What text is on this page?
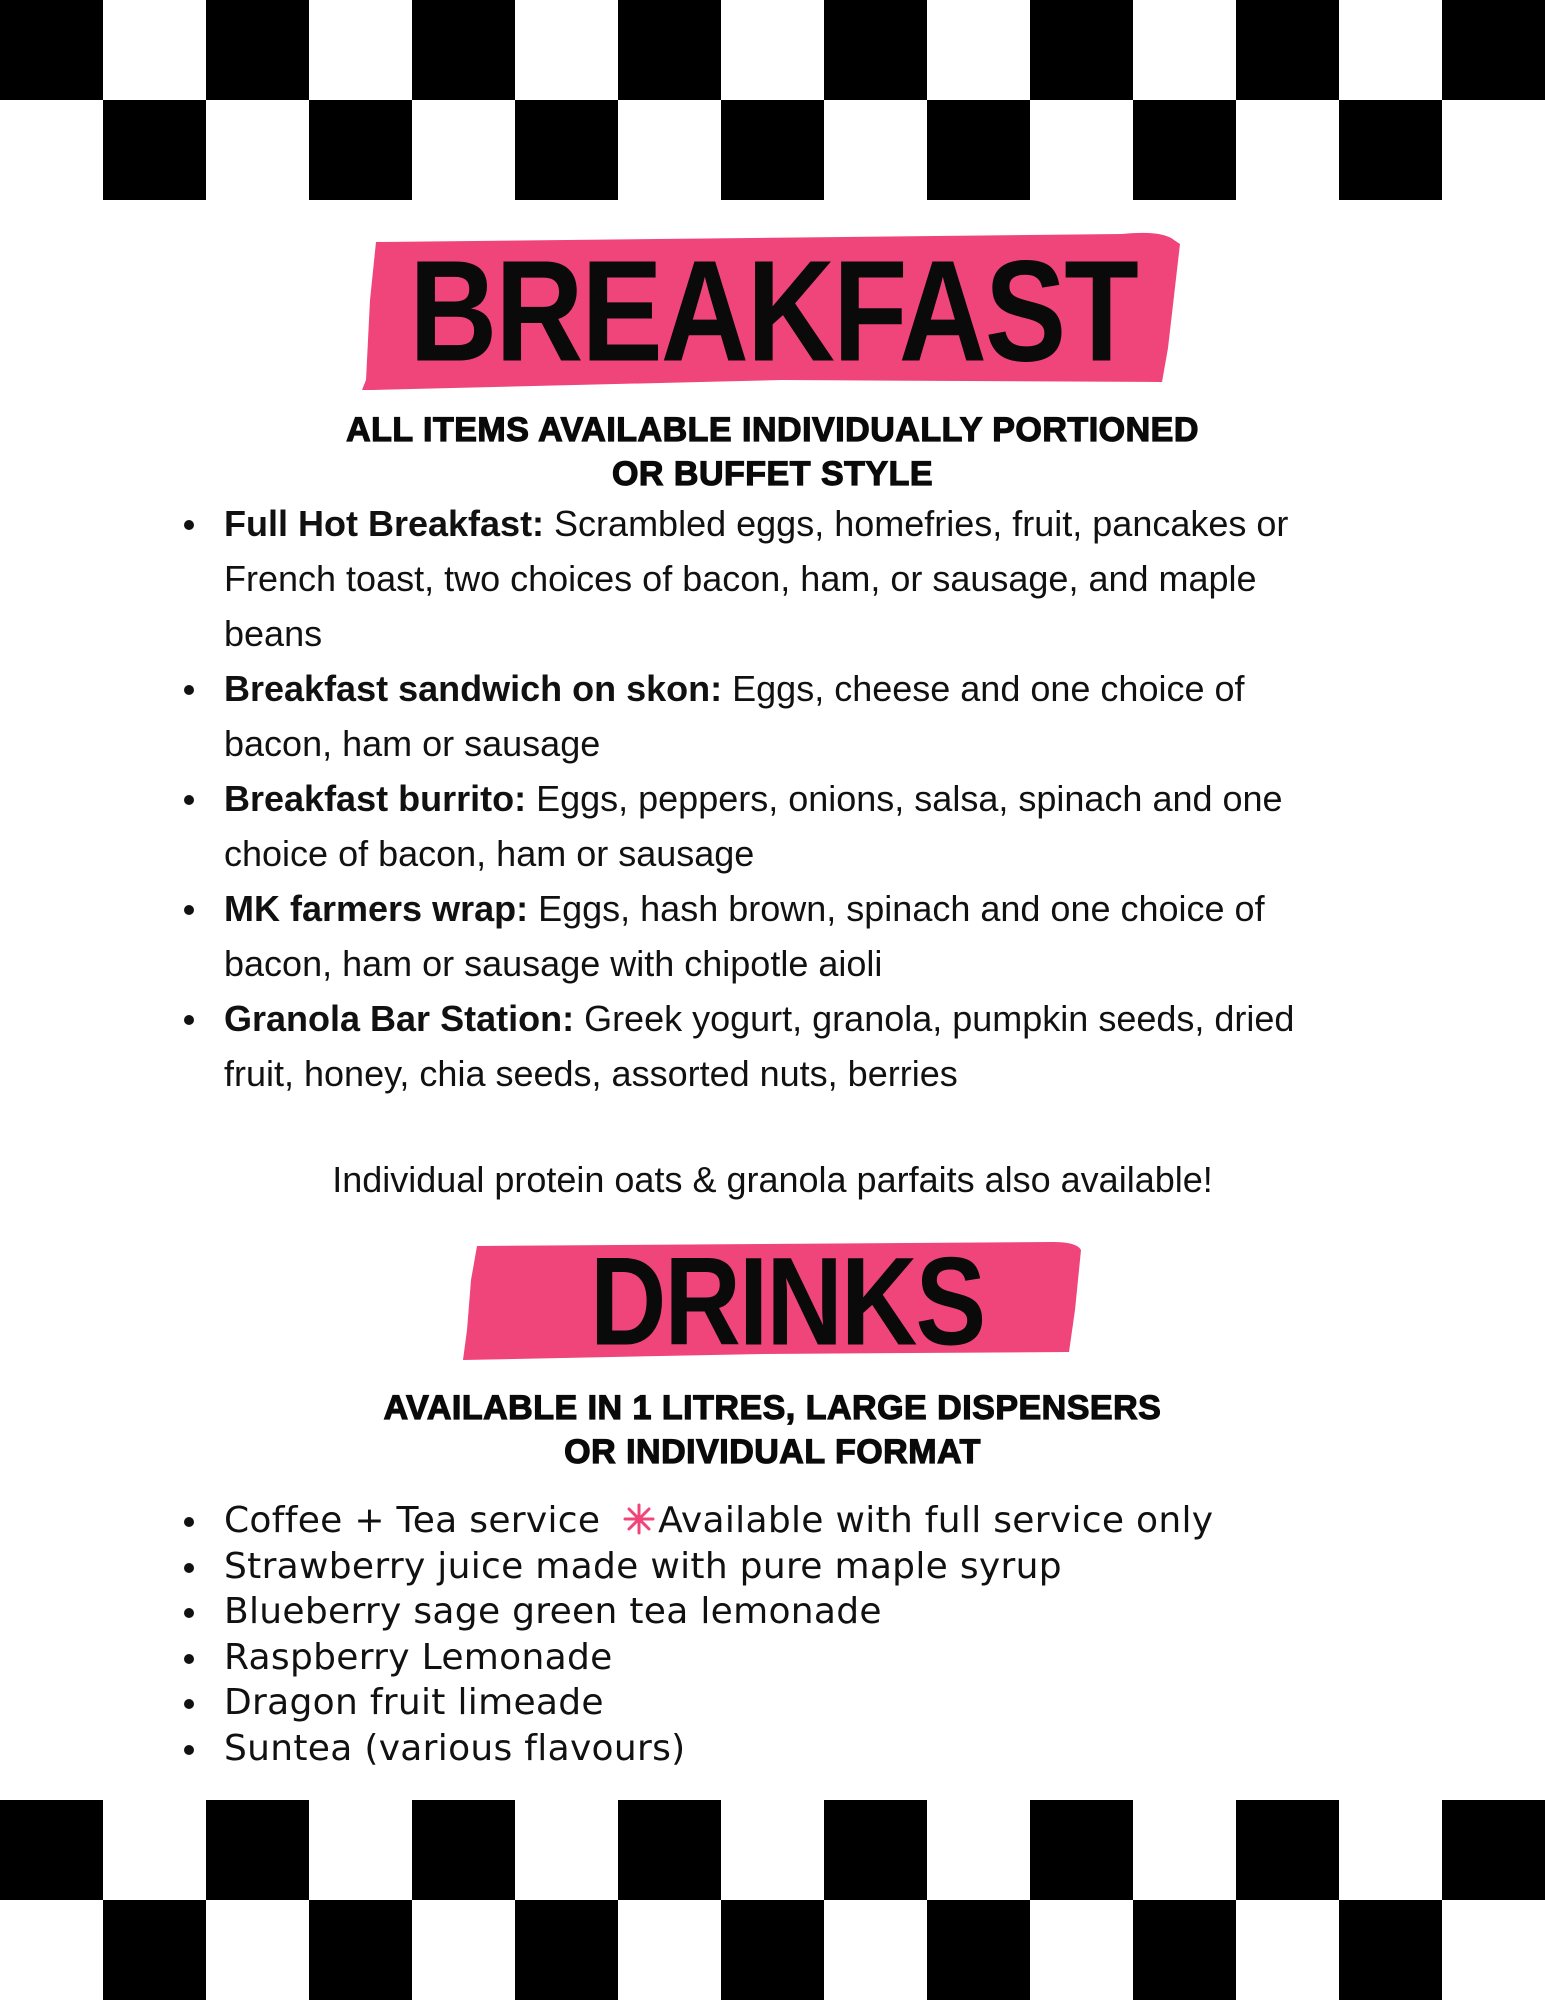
BREAKFAST
ALL ITEMS AVAILABLE INDIVIDUALLY PORTIONED
OR BUFFET STYLE
Full Hot Breakfast: Scrambled eggs, homefries, fruit, pancakes or French toast, two choices of bacon, ham, or sausage, and maple beans
Breakfast sandwich on skon: Eggs, cheese and one choice of bacon, ham or sausage
Breakfast burrito: Eggs, peppers, onions, salsa, spinach and one choice of bacon, ham or sausage
MK farmers wrap: Eggs, hash brown, spinach and one choice of bacon, ham or sausage with chipotle aioli
Granola Bar Station: Greek yogurt, granola, pumpkin seeds, dried fruit, honey, chia seeds, assorted nuts, berries
Individual protein oats & granola parfaits also available!
DRINKS
AVAILABLE IN 1 LITRES, LARGE DISPENSERS
OR INDIVIDUAL FORMAT
Coffee + Tea service Available with full service only
Strawberry juice made with pure maple syrup
Blueberry sage green tea lemonade
Raspberry Lemonade
Dragon fruit limeade
Suntea (various flavours)
